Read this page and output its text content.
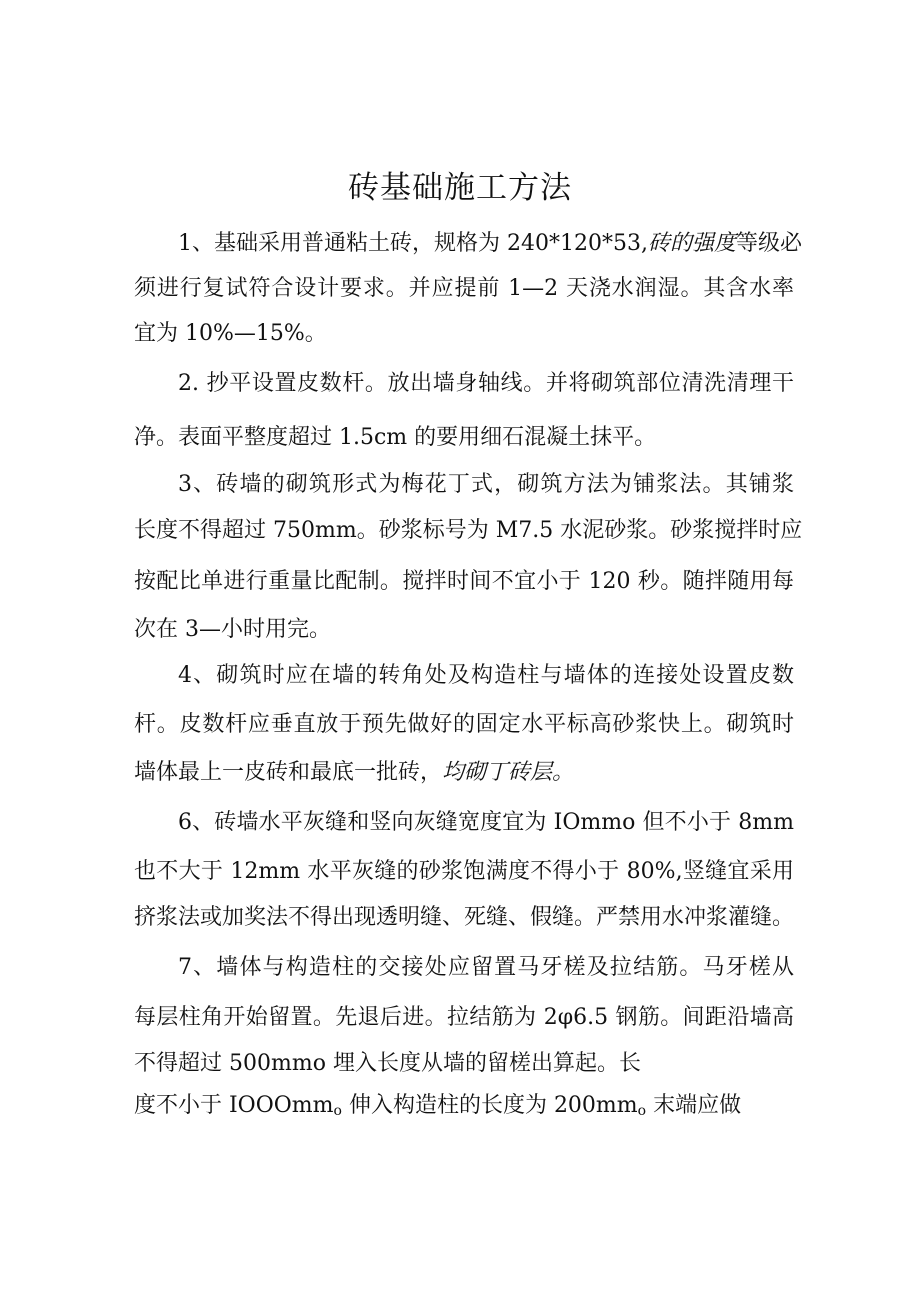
砖基础施工方法
1、基础采用普通粘土砖，规格为 240*120*53,砖的强度等级必
须进行复试符合设计要求。并应提前 1—2 天浇水润湿。其含水率
宜为 10%—15%。
2. 抄平设置皮数杆。放出墙身轴线。并将砌筑部位清洗清理干
净。表面平整度超过 1.5cm 的要用细石混凝土抹平。
3、砖墙的砌筑形式为梅花丁式，砌筑方法为铺浆法。其铺浆
长度不得超过 750mm。砂浆标号为 M7.5 水泥砂浆。砂浆搅拌时应
按配比单进行重量比配制。搅拌时间不宜小于 120 秒。随拌随用每
次在 3—小时用完。
4、砌筑时应在墙的转角处及构造柱与墙体的连接处设置皮数
杆。皮数杆应垂直放于预先做好的固定水平标高砂浆快上。砌筑时
墙体最上一皮砖和最底一批砖，均砌丁砖层。
6、砖墙水平灰缝和竖向灰缝宽度宜为 IOmmo 但不小于 8mm
也不大于 12mm 水平灰缝的砂浆饱满度不得小于 80%,竖缝宜采用
挤浆法或加奖法不得出现透明缝、死缝、假缝。严禁用水冲浆灌缝。
7、墙体与构造柱的交接处应留置马牙槎及拉结筋。马牙槎从
每层柱角开始留置。先退后进。拉结筋为 2φ6.5 钢筋。间距沿墙高
不得超过 500mmo 埋入长度从墙的留槎出算起。长
度不小于 IOOOmm$_o$ 伸入构造柱的长度为 $200mm_o$ 末端应做
